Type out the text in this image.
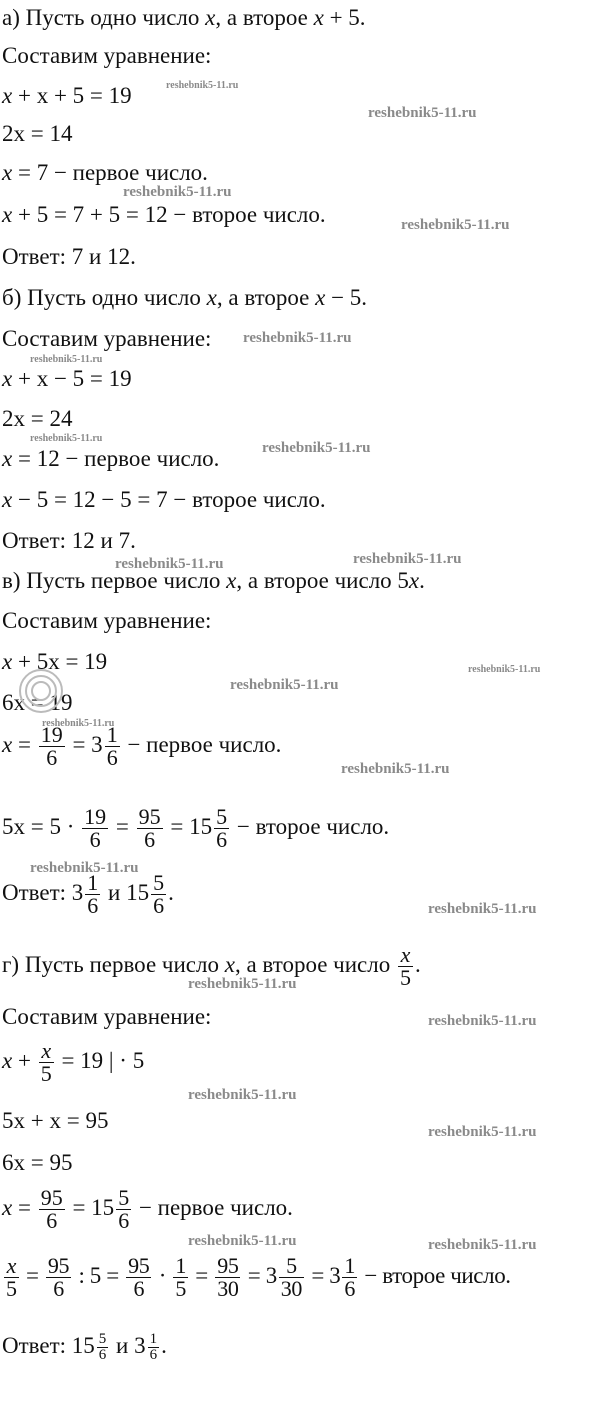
а) Пусть одно число x, а второе x + 5.
Составим уравнение:
x + x + 5 = 19
2x = 14
x = 7 − первое число.
x + 5 = 7 + 5 = 12 − второе число.
Ответ: 7 и 12.
б) Пусть одно число x, а второе x − 5.
Составим уравнение:
x + x − 5 = 19
2x = 24
x = 12 − первое число.
x − 5 = 12 − 5 = 7 − второе число.
Ответ: 12 и 7.
в) Пусть первое число x, а второе число 5x.
Составим уравнение:
x + 5x = 19
6x = 19
$x = \frac{19}{6} = 3 \frac{1}{6}$ − первое число.
$5x = 5 \cdot \frac{19}{6} = \frac{95}{6} = 15 \frac{5}{6}$ − второе число.
Ответ: $3 \frac{1}{6}$ и $15 \frac{5}{6}$ .
г) Пусть первое число x, а второе число $\frac{x}{5}$ .
Составим уравнение:
$x + \frac{x}{5} = 19$ | · 5
5x + x = 95
6x = 95
$x = \frac{95}{6} = 15 \frac{5}{6}$ − первое число.
$\frac{x}{5} = \frac{95}{6}$ : $5 = \frac{95}{6} \cdot \frac{1}{5} = \frac{95}{30} = 3 \frac{5}{30} = 3 \frac{1}{6}$ − второе число.
Ответ: $15 \frac{5}{6}$ и $3 \frac{1}{6}$ .
reshebnik5-11.ru
reshebnik5-11.ru
reshebnik5-11.ru
reshebnik5-11.ru
reshebnik5-11.ru
reshebnik5-11.ru
reshebnik5-11.ru
reshebnik5-11.ru
reshebnik5-11.ru	reshebnik5-11.ru
reshebnik5-11.ru
reshebnik5-11.ru
reshebnik5-11.ru
reshebnik5-11.ru
reshebnik5-11.ru
reshebnik5-11.ru
reshebnik5-11.ru
reshebnik5-11.ru
reshebnik5-11.ru
reshebnik5-11.ru
reshebnik5-11.ru	reshebnik5-11.ru
